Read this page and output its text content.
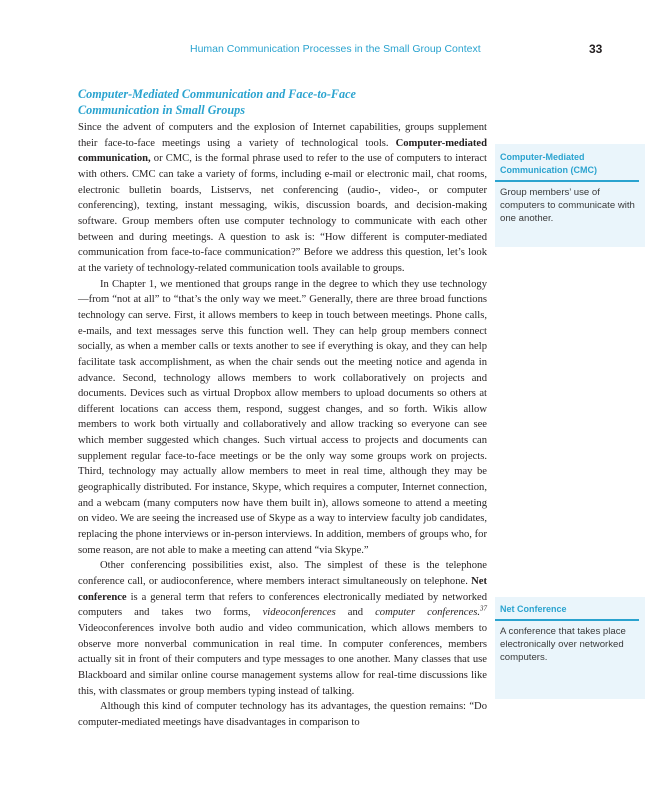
Human Communication Processes in the Small Group Context	33
Computer-Mediated Communication and Face-to-Face
Communication in Small Groups

Since the advent of computers and the explosion of Internet capabilities, groups supplement their face-to-face meetings using a variety of technological tools. Computer-mediated communication, or CMC, is the formal phrase used to refer to the use of computers to interact with others. CMC can take a variety of forms, including e-mail or electronic mail, chat rooms, electronic bulletin boards, Listservs, net conferencing (audio-, video-, or computer conferencing), texting, instant messaging, wikis, discussion boards, and decision-making software. Group members often use computer technology to communicate with each other between and during meetings. A question to ask is: “How different is computer-mediated communication from face-to-face communication?” Before we address this question, let’s look at the variety of technology-related communication tools available to groups.

In Chapter 1, we mentioned that groups range in the degree to which they use technology—from “not at all” to “that’s the only way we meet.” Generally, there are three broad functions technology can serve. First, it allows members to keep in touch between meetings. Phone calls, e-mails, and text messages serve this function well. They can help group members connect socially, as when a member calls or texts another to see if everything is okay, and they can help facilitate task accomplishment, as when the chair sends out the meeting notice and agenda in advance. Second, technology allows members to work collaboratively on projects and documents. Devices such as virtual Dropbox allow members to upload documents so others at different locations can access them, respond, suggest changes, and so forth. Wikis allow members to work both virtually and collaboratively and allow tracking so everyone can see which member suggested which changes. Such virtual access to projects and documents can supplement regular face-to-face meetings or be the only way some groups work on projects. Third, technology may actually allow members to meet in real time, although they may be geographically distributed. For instance, Skype, which requires a computer, Internet connection, and a webcam (many computers now have them built in), allows someone to attend a meeting on video. We are seeing the increased use of Skype as a way to interview faculty job candidates, replacing the phone interviews or in-person interviews. In addition, members of groups who, for some reason, are not able to make a meeting can attend “via Skype.”

Other conferencing possibilities exist, also. The simplest of these is the telephone conference call, or audioconference, where members interact simultaneously on telephone. Net conference is a general term that refers to conferences electronically mediated by networked computers and takes two forms, videoconferences and computer conferences.$^{37}$ Videoconferences involve both audio and video communication, which allows members to observe more nonverbal communication in real time. In computer conferences, members actually sit in front of their computers and type messages to one another. Many classes that use Blackboard and similar online course management systems allow for real-time discussions like this, with classmates or group members typing instead of talking.

Although this kind of computer technology has its advantages, the question remains: “Do computer-mediated meetings have disadvantages in comparison to

Computer-Mediated
Communication (CMC)
Group members’ use of computers to communicate with one another.
Net Conference
A conference that takes place electronically over networked computers.
